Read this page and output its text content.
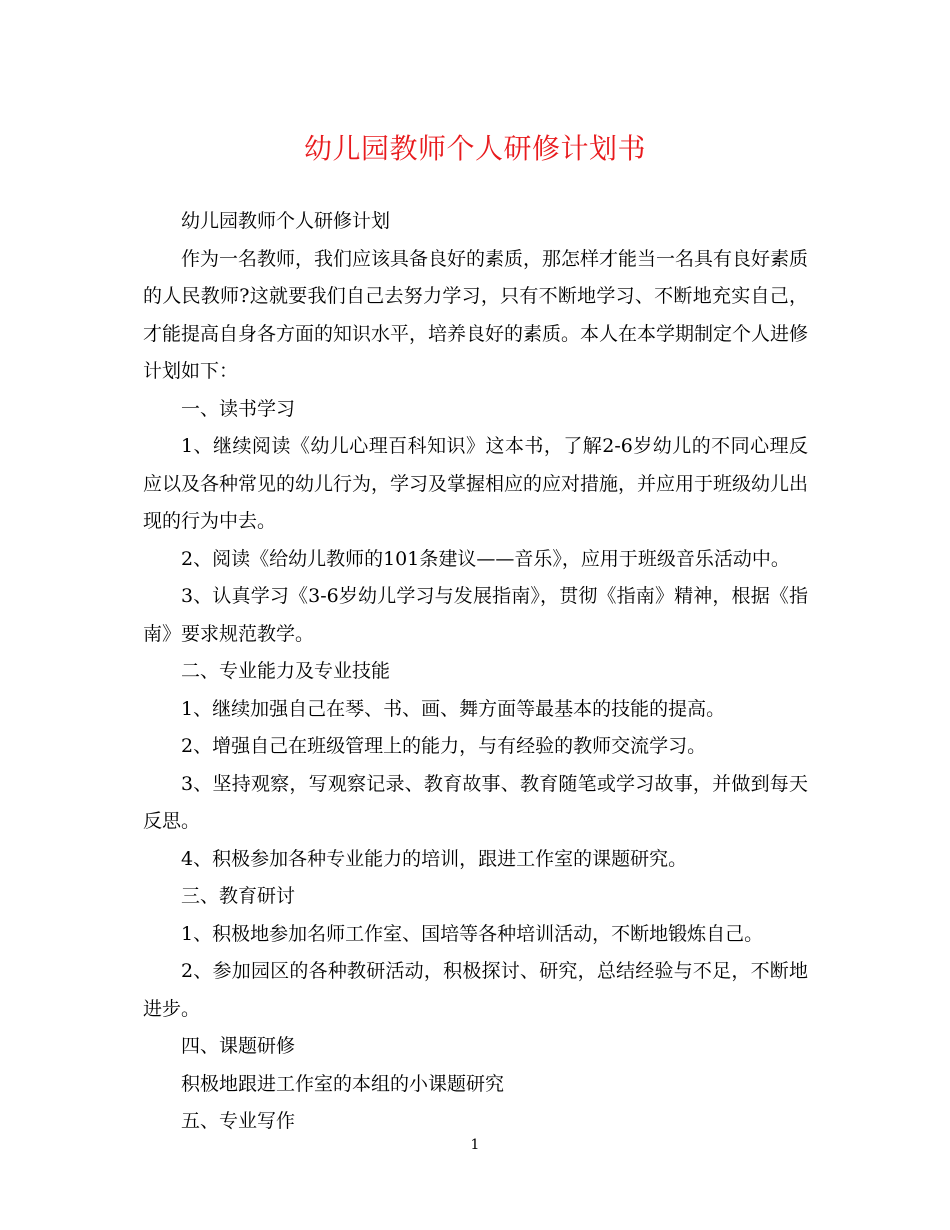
幼儿园教师个人研修计划书

幼儿园教师个人研修计划

作为一名教师，我们应该具备良好的素质，那怎样才能当一名具有良好素质的人民教师?这就要我们自己去努力学习，只有不断地学习、不断地充实自己，才能提高自身各方面的知识水平，培养良好的素质。本人在本学期制定个人进修计划如下：

一、读书学习

1、继续阅读《幼儿心理百科知识》这本书，了解2-6岁幼儿的不同心理反应以及各种常见的幼儿行为，学习及掌握相应的应对措施，并应用于班级幼儿出现的行为中去。

2、阅读《给幼儿教师的101条建议——音乐》，应用于班级音乐活动中。

3、认真学习《3-6岁幼儿学习与发展指南》，贯彻《指南》精神，根据《指南》要求规范教学。

二、专业能力及专业技能

1、继续加强自己在琴、书、画、舞方面等最基本的技能的提高。

2、增强自己在班级管理上的能力，与有经验的教师交流学习。

3、坚持观察，写观察记录、教育故事、教育随笔或学习故事，并做到每天反思。

4、积极参加各种专业能力的培训，跟进工作室的课题研究。

三、教育研讨

1、积极地参加名师工作室、国培等各种培训活动，不断地锻炼自己。

2、参加园区的各种教研活动，积极探讨、研究，总结经验与不足，不断地进步。

四、课题研修

积极地跟进工作室的本组的小课题研究

五、专业写作

1
